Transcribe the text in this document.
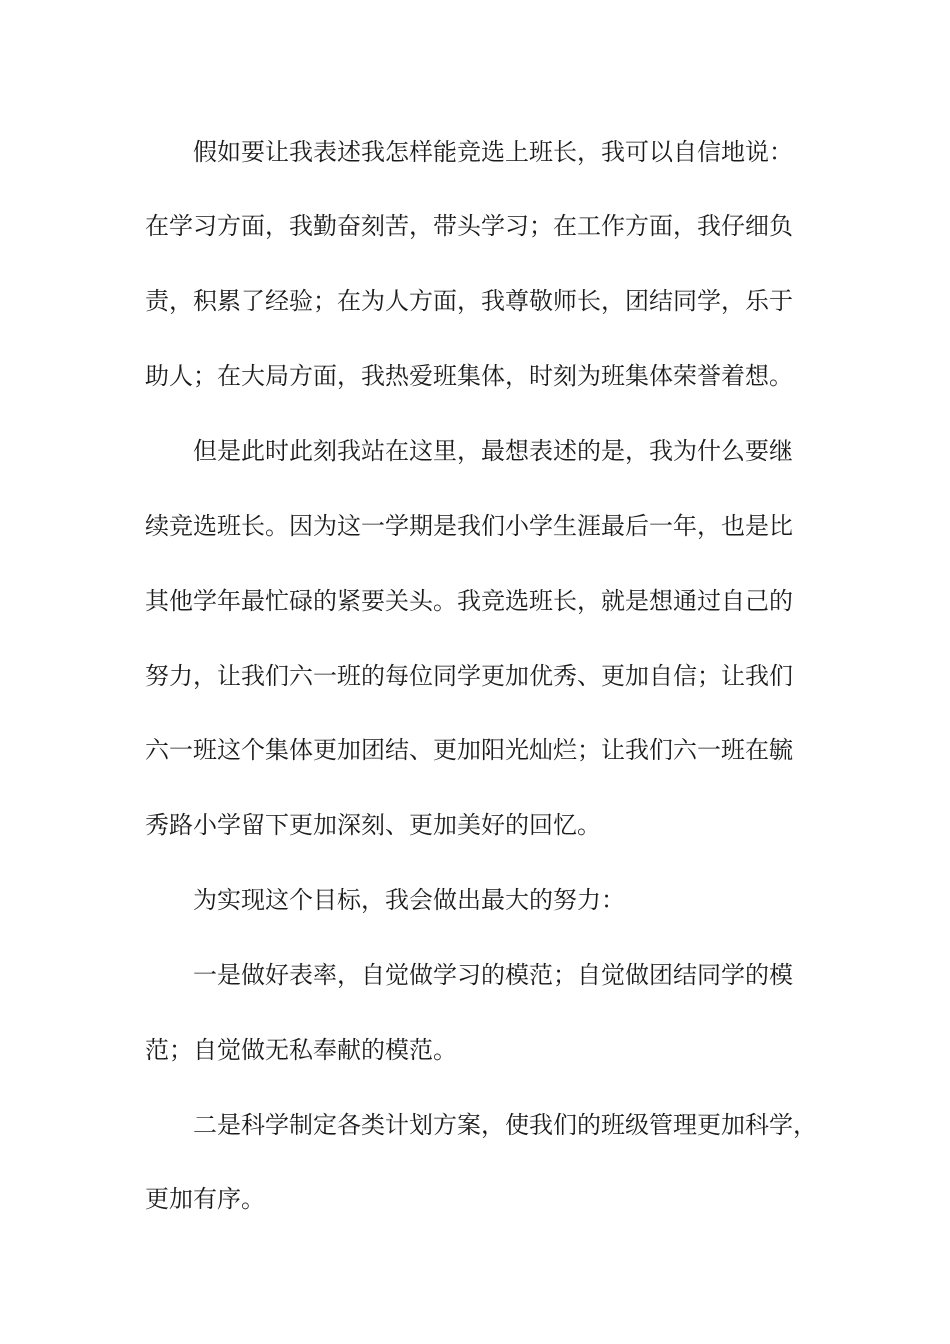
假如要让我表述我怎样能竞选上班长，我可以自信地说：
在学习方面，我勤奋刻苦，带头学习；在工作方面，我仔细负
责，积累了经验；在为人方面，我尊敬师长，团结同学，乐于
助人；在大局方面，我热爱班集体，时刻为班集体荣誉着想。
但是此时此刻我站在这里，最想表述的是，我为什么要继
续竞选班长。因为这一学期是我们小学生涯最后一年，也是比
其他学年最忙碌的紧要关头。我竞选班长，就是想通过自己的
努力，让我们六一班的每位同学更加优秀、更加自信；让我们
六一班这个集体更加团结、更加阳光灿烂；让我们六一班在毓
秀路小学留下更加深刻、更加美好的回忆。
为实现这个目标，我会做出最大的努力：
一是做好表率，自觉做学习的模范；自觉做团结同学的模
范；自觉做无私奉献的模范。
二是科学制定各类计划方案，使我们的班级管理更加科学，
更加有序。
